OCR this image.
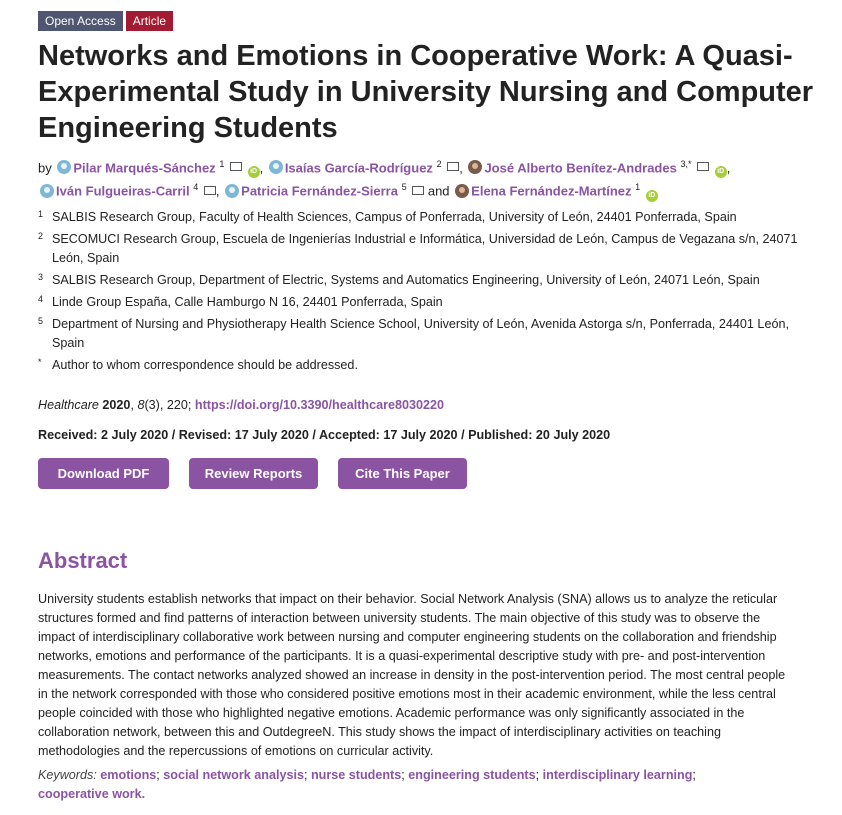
Open Access	Article
Networks and Emotions in Cooperative Work: A Quasi-Experimental Study in University Nursing and Computer Engineering Students
by Pilar Marqués-Sánchez $^1$  iD , Isaías García-Rodríguez $^2$ , José Alberto Benítez-Andrades $^{3,*}$  iD ,
Iván Fulgueiras-Carril $^4$ , Patricia Fernández-Sierra $^5$ and Elena Fernández-Martínez $^1$ iD
1 SALBIS Research Group, Faculty of Health Sciences, Campus of Ponferrada, University of León, 24401 Ponferrada, Spain
2 SECOMUCI Research Group, Escuela de Ingenierías Industrial e Informática, Universidad de León, Campus de Vegazana s/n, 24071 León, Spain
3 SALBIS Research Group, Department of Electric, Systems and Automatics Engineering, University of León, 24071 León, Spain
4 Linde Group España, Calle Hamburgo N 16, 24401 Ponferrada, Spain
5 Department of Nursing and Physiotherapy Health Science School, University of León, Avenida Astorga s/n, Ponferrada, 24401 León, Spain
* Author to whom correspondence should be addressed.
Healthcare 2020, 8(3), 220; https://doi.org/10.3390/healthcare8030220
Received: 2 July 2020 / Revised: 17 July 2020 / Accepted: 17 July 2020 / Published: 20 July 2020
Download PDF	Review Reports	Cite This Paper
Abstract
University students establish networks that impact on their behavior. Social Network Analysis (SNA) allows us to analyze the reticular structures formed and find patterns of interaction between university students. The main objective of this study was to observe the impact of interdisciplinary collaborative work between nursing and computer engineering students on the collaboration and friendship networks, emotions and performance of the participants. It is a quasi-experimental descriptive study with pre- and post-intervention measurements. The contact networks analyzed showed an increase in density in the post-intervention period. The most central people in the network corresponded with those who considered positive emotions most in their academic environment, while the less central people coincided with those who highlighted negative emotions. Academic performance was only significantly associated in the collaboration network, between this and OutdegreeN. This study shows the impact of interdisciplinary activities on teaching methodologies and the repercussions of emotions on curricular activity.
Keywords: emotions; social network analysis; nurse students; engineering students; interdisciplinary learning; cooperative work.
